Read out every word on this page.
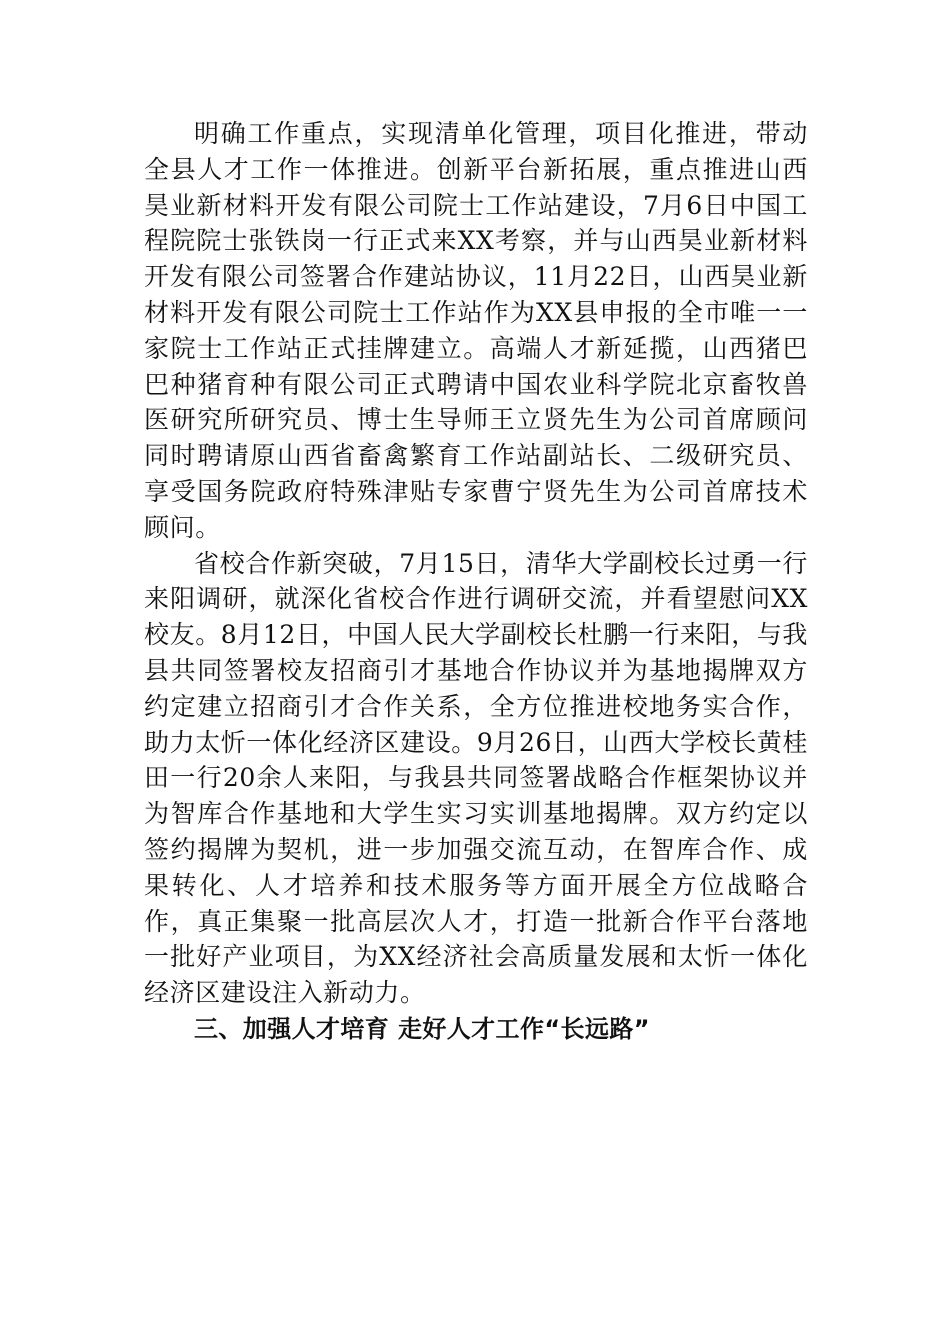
明确工作重点，实现清单化管理，项目化推进，带动全县人才工作一体推进。创新平台新拓展，重点推进山西昊业新材料开发有限公司院士工作站建设，7月6日中国工程院院士张铁岗一行正式来XX考察，并与山西昊业新材料开发有限公司签署合作建站协议，11月22日，山西昊业新材料开发有限公司院士工作站作为XX县申报的全市唯一一家院士工作站正式挂牌建立。高端人才新延揽，山西猪巴巴种猪育种有限公司正式聘请中国农业科学院北京畜牧兽医研究所研究员、博士生导师王立贤先生为公司首席顾问同时聘请原山西省畜禽繁育工作站副站长、二级研究员、享受国务院政府特殊津贴专家曹宁贤先生为公司首席技术顾问。

省校合作新突破，7月15日，清华大学副校长过勇一行来阳调研，就深化省校合作进行调研交流，并看望慰问XX校友。8月12日，中国人民大学副校长杜鹏一行来阳，与我县共同签署校友招商引才基地合作协议并为基地揭牌双方约定建立招商引才合作关系，全方位推进校地务实合作，助力太忻一体化经济区建设。9月26日，山西大学校长黄桂田一行20余人来阳，与我县共同签署战略合作框架协议并为智库合作基地和大学生实习实训基地揭牌。双方约定以签约揭牌为契机，进一步加强交流互动，在智库合作、成果转化、人才培养和技术服务等方面开展全方位战略合作，真正集聚一批高层次人才，打造一批新合作平台落地一批好产业项目，为XX经济社会高质量发展和太忻一体化经济区建设注入新动力。

三、加强人才培育 走好人才工作“长远路”
